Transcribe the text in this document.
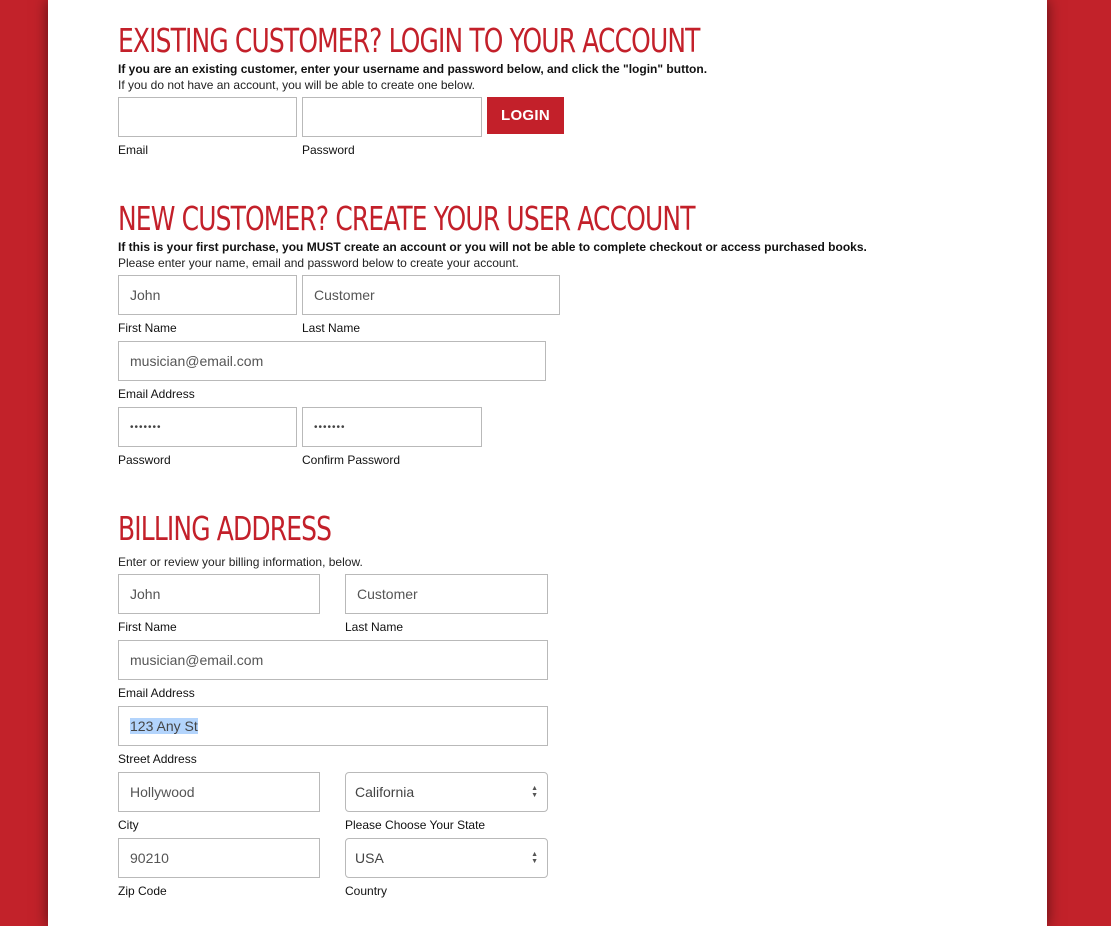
EXISTING CUSTOMER? LOGIN TO YOUR ACCOUNT
If you are an existing customer, enter your username and password below, and click the "login" button.
If you do not have an account, you will be able to create one below.
Email	Password
LOGIN
NEW CUSTOMER? CREATE YOUR USER ACCOUNT
If this is your first purchase, you MUST create an account or you will not be able to complete checkout or access purchased books.
Please enter your name, email and password below to create your account.
John
First Name
Customer
Last Name
musician@email.com
Email Address
•••••••
Password
•••••••
Confirm Password
BILLING ADDRESS
Enter or review your billing information, below.
John
First Name
Customer
Last Name
musician@email.com
Email Address
123 Any St
Street Address
Hollywood
City
California	▲
▼
Please Choose Your State
90210
Zip Code
USA	▲
▼
Country
